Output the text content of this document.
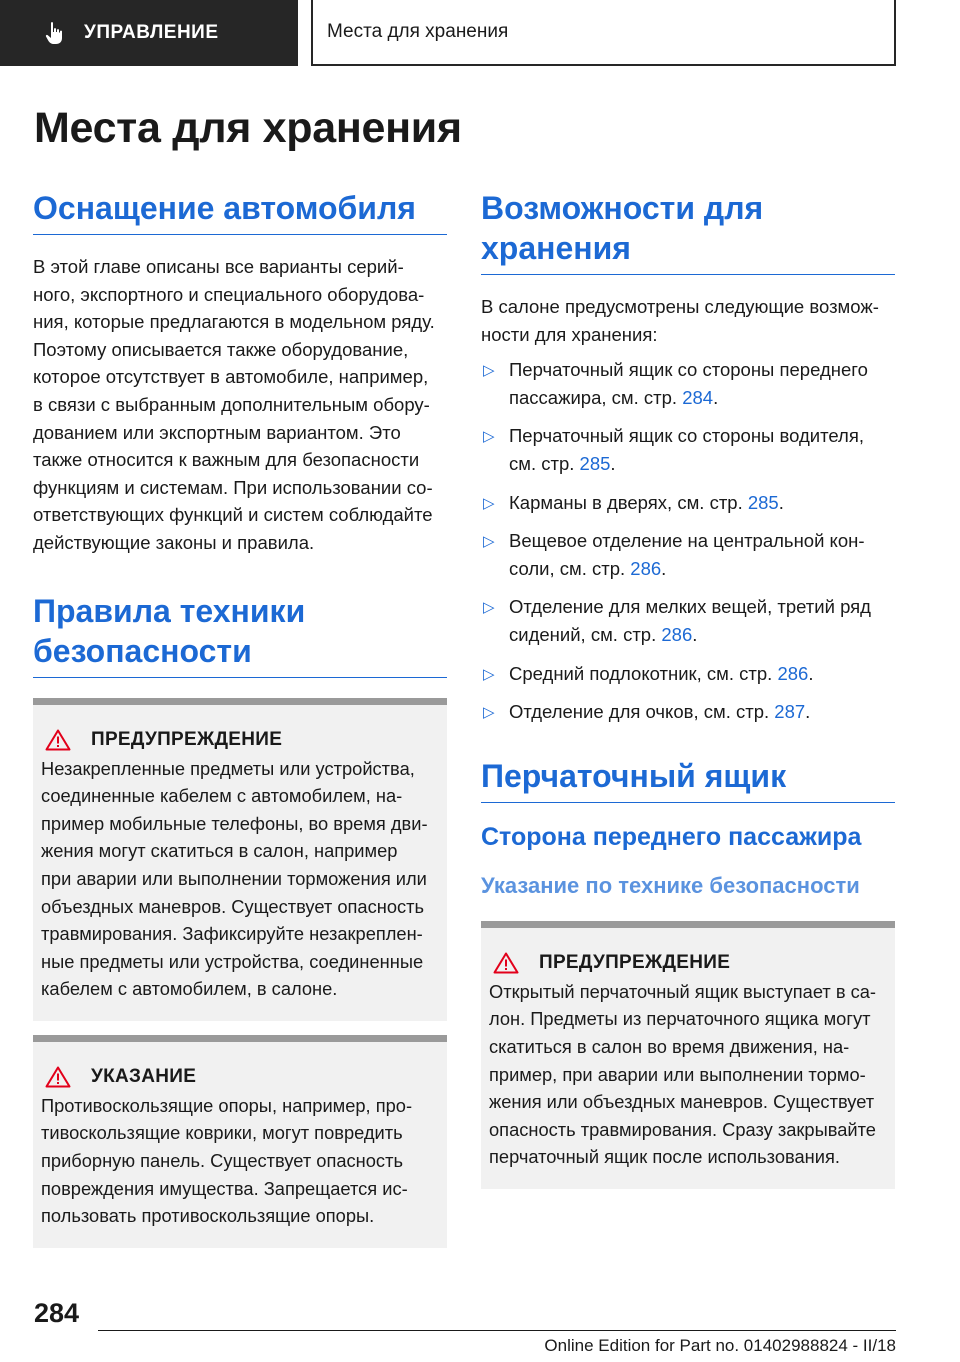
УПРАВЛЕНИЕ	Места для хранения
Места для хранения
Оснащение автомобиля
В этой главе описаны все варианты серий-
ного, экспортного и специального оборудова-
ния, которые предлагаются в модельном ряду.
Поэтому описывается также оборудование,
которое отсутствует в автомобиле, например,
в связи с выбранным дополнительным обору-
дованием или экспортным вариантом. Это
также относится к важным для безопасности
функциям и системам. При использовании со-
ответствующих функций и систем соблюдайте
действующие законы и правила.
Правила техники
безопасности
ПРЕДУПРЕЖДЕНИЕ
Незакрепленные предметы или устройства,
соединенные кабелем с автомобилем, на-
пример мобильные телефоны, во время дви-
жения могут скатиться в салон, например
при аварии или выполнении торможения или
объездных маневров. Существует опасность
травмирования. Зафиксируйте незакреплен-
ные предметы или устройства, соединенные
кабелем с автомобилем, в салоне.
УКАЗАНИЕ
Противоскользящие опоры, например, про-
тивоскользящие коврики, могут повредить
приборную панель. Существует опасность
повреждения имущества. Запрещается ис-
пользовать противоскользящие опоры.
Возможности для
хранения
В салоне предусмотрены следующие возмож-
ности для хранения:
▷ Перчаточный ящик со стороны переднего
пассажира, см. стр. 284.
▷ Перчаточный ящик со стороны водителя,
см. стр. 285.
▷ Карманы в дверях, см. стр. 285.
▷ Вещевое отделение на центральной кон-
соли, см. стр. 286.
▷ Отделение для мелких вещей, третий ряд
сидений, см. стр. 286.
▷ Средний подлокотник, см. стр. 286.
▷ Отделение для очков, см. стр. 287.
Перчаточный ящик
Сторона переднего пассажира
Указание по технике безопасности
ПРЕДУПРЕЖДЕНИЕ
Открытый перчаточный ящик выступает в са-
лон. Предметы из перчаточного ящика могут
скатиться в салон во время движения, на-
пример, при аварии или выполнении тормо-
жения или объездных маневров. Существует
опасность травмирования. Сразу закрывайте
перчаточный ящик после использования.
284
Online Edition for Part no. 01402988824 - II/18
